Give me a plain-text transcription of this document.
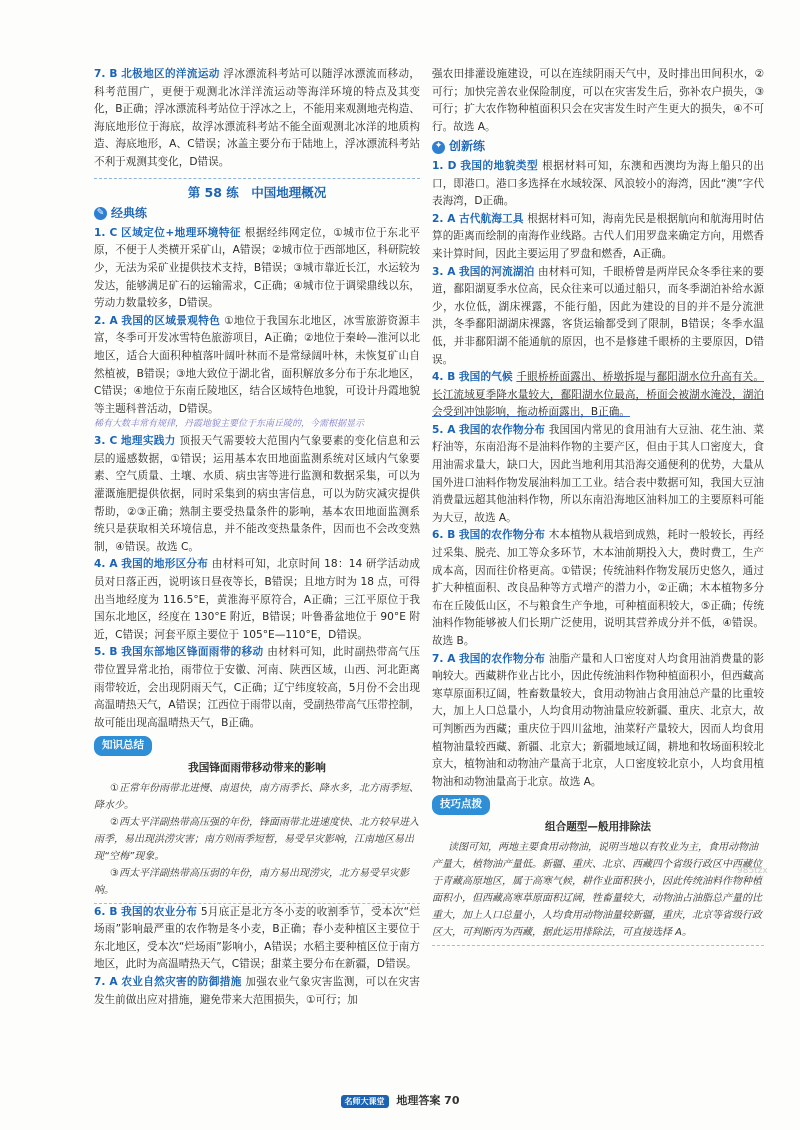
7. B 北极地区的洋流运动 浮冰漂流科考站可以随浮冰漂流而移动，科考范围广，更便于观测北冰洋洋流运动等海洋环境的特点及其变化，B正确；浮冰漂流科考站位于浮冰之上，不能用来观测地壳构造、海底地形位于海底，故浮冰漂流科考站不能全面观测北冰洋的地质构造、海底地形，A、C错误；冰盖主要分布于陆地上，浮冰漂流科考站不利于观测其变化，D错误。

第 58 练　中国地理概况
✎ 经典练

1. C 区域定位+地理环境特征 根据经纬网定位，①城市位于东北平原，不便于人类横开采矿山，A错误；②城市位于西部地区，科研院较少，无法为采矿业提供技术支持，B错误；③城市靠近长江，水运较为发达，能够满足矿石的运输需求，C正确；④城市位于调梁鼎线以东，劳动力数量较多，D错误。

2. A 我国的区域景观特色 ①地位于我国东北地区，冰雪旅游资源丰富，冬季可开发冰雪特色旅游项目，A正确；②地位于秦岭—淮河以北地区，适合大面积种植落叶阔叶林而不是常绿阔叶林，未恢复矿山自然植被，B错误；③地大致位于湖北省，面积解放多分布于东北地区，C错误；④地位于东南丘陵地区，结合区域特色地貌，可设计丹霞地貌等主题科普活动，D错误。

稀有大数丰常有规律，丹霞地貌主要位于东南丘陵的，今需根据显示

3. C 地理实践力 顶报天气需要较大范围内气象要素的变化信息和云层的遥感数据，①错误；运用基本农田地面监测系统对区域内气象要素、空气质量、土壤、水质、病虫害等进行监测和数据采集，可以为灌溉施肥提供依据，同时采集到的病虫害信息，可以为防灾减灾提供帮助，②③正确；熟制主要受热量条件的影响，基本农田地面监测系统只是获取相关环境信息，并不能改变热量条件，因而也不会改变熟制，④错误。故选 C。

4. A 我国的地形区分布 由材料可知，北京时间 18：14 研学活动成员对日落正西，说明该日昼夜等长，B错误；且地方时为 18 点，可得出当地经度为 116.5°E，黄淮海平原符合，A正确；三江平原位于我国东北地区，经度在 130°E 附近，B错误；叶鲁番盆地位于 90°E 附近，C错误；河套平原主要位于 105°E—110°E，D错误。

5. B 我国东部地区锋面雨带的移动 由材料可知，此时副热带高气压带位置异常北抬，雨带位于安徽、河南、陕西区域，山西、河北距离雨带较近，会出现阴雨天气，C正确；辽宁纬度较高，5月份不会出现高温晴热天气，A错误；江西位于雨带以南，受副热带高气压带控制，故可能出现高温晴热天气，B正确。

知识总结
我国锋面雨带移动带来的影响

①正常年份雨带北进慢、南退快，南方雨季长、降水多，北方雨季短、降水少。

②西太平洋副热带高压强的年份，锋面雨带北进速度快、北方较早进入雨季，易出现洪涝灾害；南方则雨季短暂，易受旱灾影响，江南地区易出现“空梅”现象。

③西太平洋副热带高压弱的年份，南方易出现涝灾，北方易受旱灾影响。

6. B 我国的农业分布 5月底正是北方冬小麦的收割季节，受本次“烂场雨”影响最严重的农作物是冬小麦，B正确；春小麦种植区主要位于东北地区，受本次“烂场雨”影响小，A错误；水稻主要种植区位于南方地区，此时为高温晴热天气，C错误；甜菜主要分布在新疆，D错误。

7. A 农业自然灾害的防御措施 加强农业气象灾害监测，可以在灾害发生前做出应对措施，避免带来大范围损失，①可行；加

强农田排灌设施建设，可以在连续阴雨天气中，及时排出田间积水，②可行；加快完善农业保险制度，可以在灾害发生后，弥补农户损失，③可行；扩大农作物种植面积只会在灾害发生时产生更大的损失，④不可行。故选 A。

✦ 创新练

1. D 我国的地貌类型 根据材料可知，东澳和西澳均为海上船只的出口，即港口。港口多选择在水域较深、风浪较小的海湾，因此“澳”字代表海湾，D正确。

2. A 古代航海工具 根据材料可知，海南先民是根据航向和航海用时估算的距离而绘制的南海作业线路。古代人们用罗盘来确定方向，用燃香来计算时间，因此主要运用了罗盘和燃香，A正确。

3. A 我国的河流湖泊 由材料可知，千眼桥曾是两岸民众冬季往来的要道，鄱阳湖夏季水位高，民众往来可以通过船只，而冬季湖泊补给水源少，水位低，湖床裸露，不能行船，因此为建设的目的并不是分流泄洪，冬季鄱阳湖湖床裸露，客货运输都受到了限制，B错误；冬季水温低，并非鄱阳湖不能通航的原因，也不是修建千眼桥的主要原因，D错误。

4. B 我国的气候 千眼桥桥面露出、桥墩拆堤与鄱阳湖水位升高有关。长江流域夏季降水量较大，鄱阳湖水位最高，桥面会被湖水淹没，湖泊会受到冲蚀影响，拖动桥面露出，B正确。

5. A 我国的农作物分布 我国国内常见的食用油有大豆油、花生油、菜籽油等，东南沿海不是油料作物的主要产区，但由于其人口密度大，食用油需求量大，缺口大，因此当地利用其沿海交通便利的优势，大量从国外进口油料作物发展油料加工工业。结合表中数据可知，我国大豆油消费量远超其他油料作物，所以东南沿海地区油料加工的主要原料可能为大豆，故选 A。

6. B 我国的农作物分布 木本植物从栽培到成熟，耗时一般较长，再经过采集、脱壳、加工等众多环节，木本油前期投入大，费时费工，生产成本高，因而往价格更高。①错误；传统油料作物发展历史悠久，通过扩大种植面积、改良品种等方式增产的潜力小，②正确；木本植物多分布在丘陵低山区，不与粮食生产争地，可种植面积较大，⑤正确；传统油料作物能够被人们长期广泛使用，说明其营养成分并不低，④错误。故选 B。

7. A 我国的农作物分布 油脂产量和人口密度对人均食用油消费量的影响较大。西藏耕作业占比小，因此传统油料作物种植面积小，但西藏高寒草原面积辽阔，牲畜数量较大，食用动物油占食用油总产量的比重较大，加上人口总量小，人均食用动物油量应较新疆、重庆、北京大，故可判断西为西藏；重庆位于四川盆地，油菜籽产量较大，因而人均食用植物油量较西藏、新疆、北京大；新疆地域辽阔，耕地和牧场面积较北京大，植物油和动物油产量高于北京，人口密度较北京小，人均食用植物油和动物油量高于北京。故选 A。

技巧点拨
组合题型—般用排除法

读图可知，两地主要食用动物油，说明当地以有牧业为主，食用动物油产量大，植物油产量低。新疆、重庆、北京、西藏四个省级行政区中西藏位于青藏高原地区，属于高寒气候，耕作业面积狭小，因此传统油料作物种植面积小，但西藏高寒草原面积辽阔，牲畜量较大，动物油占油脂总产量的比重大，加上人口总量小，人均食用动物油量较新疆，重庆，北京等省级行政区大，可判断丙为西藏，据此运用排除法，可直接选择 A。

985tzx
名师大课堂 地理答案 70
